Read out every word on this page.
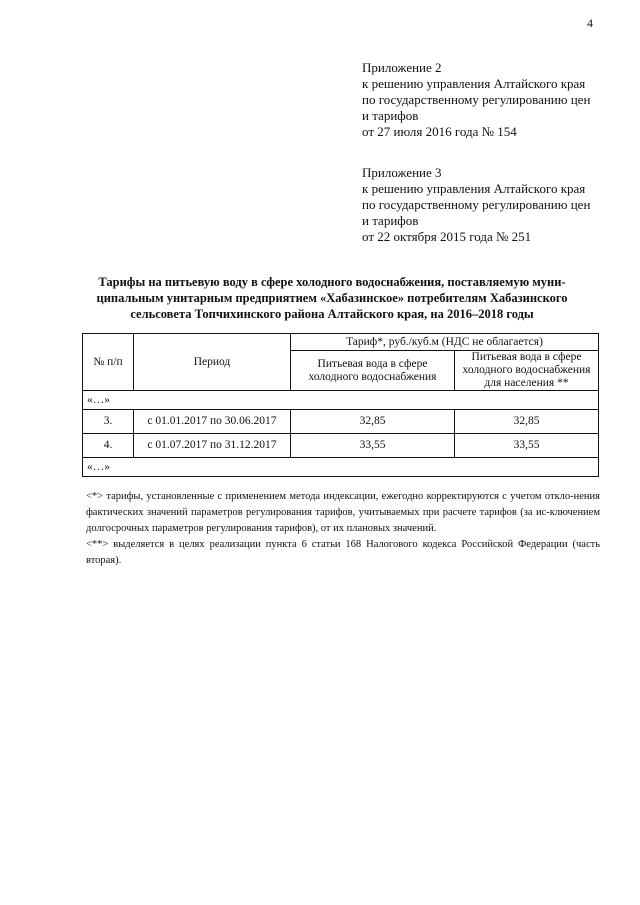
4
Приложение 2
к решению управления Алтайского края
по государственному регулированию цен
и тарифов
от 27 июля 2016 года № 154
Приложение 3
к решению управления Алтайского края
по государственному регулированию цен
и тарифов
от 22 октября 2015 года № 251
Тарифы на питьевую воду в сфере холодного водоснабжения, поставляемую муни-
ципальным унитарным предприятием «Хабазинское» потребителям Хабазинского
сельсовета Топчихинского района Алтайского края, на 2016–2018 годы
№ п/п	Период	Тариф*, руб./куб.м (НДС не облагается)	
		Питьевая вода в сфере холодного водоснабжения	Питьевая вода в сфере холодного водоснабжения для населения **
«…»			
3.	с 01.01.2017 по 30.06.2017	32,85	32,85
4.	с 01.07.2017 по 31.12.2017	33,55	33,55
«…»			

<*> тарифы, установленные с применением метода индексации, ежегодно корректируются с учетом откло-нения фактических значений параметров регулирования тарифов, учитываемых при расчете тарифов (за ис-ключением долгосрочных параметров регулирования тарифов), от их плановых значений.

<**> выделяется в целях реализации пункта 6 статьи 168 Налогового кодекса Российской Федерации (часть вторая).
